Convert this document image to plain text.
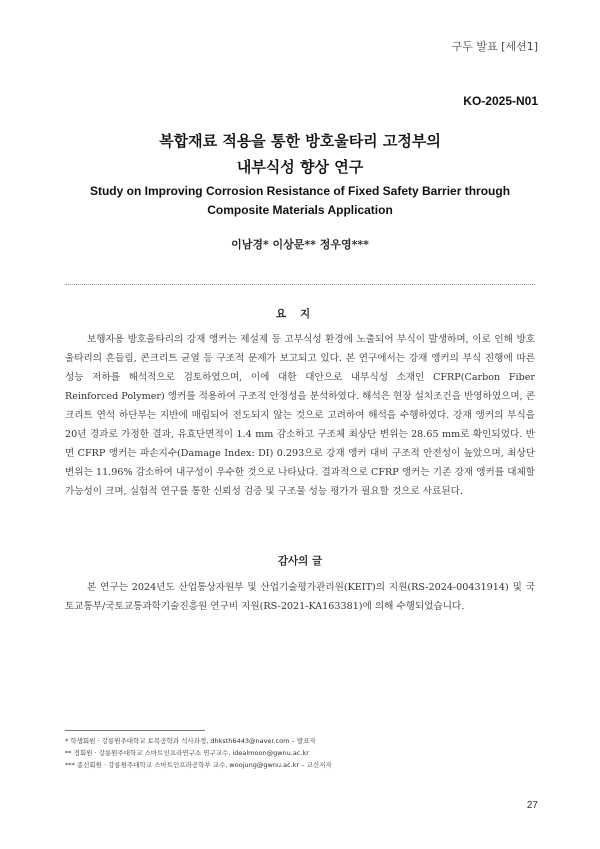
구두 발표 [세션1]
KO-2025-N01
복합재료 적용을 통한 방호울타리 고정부의
내부식성 향상 연구
Study on Improving Corrosion Resistance of Fixed Safety Barrier through
Composite Materials Application
이남경* 이상문** 정우영***
요지

보행자용 방호울타리의 강재 앵커는 제설제 등 고부식성 환경에 노출되어 부식이 발생하며, 이로 인해 방호울타리의 흔들림, 콘크리트 균열 등 구조적 문제가 보고되고 있다. 본 연구에서는 강재 앵커의 부식 진행에 따른 성능 저하를 해석적으로 검토하였으며, 이에 대한 대안으로 내부식성 소재인 CFRP(Carbon Fiber Reinforced Polymer) 앵커를 적용하여 구조적 안정성을 분석하였다. 해석은 현장 설치조건을 반영하였으며, 콘크리트 연석 하단부는 지반에 매립되어 전도되지 않는 것으로 고려하여 해석을 수행하였다. 강재 앵커의 부식을 20년 경과로 가정한 결과, 유효단면적이 1.4 mm 감소하고 구조체 최상단 변위는 28.65 mm로 확인되었다. 반면 CFRP 앵커는 파손지수(Damage Index: DI) 0.293으로 강재 앵커 대비 구조적 안전성이 높았으며, 최상단 변위는 11.96% 감소하여 내구성이 우수한 것으로 나타났다. 결과적으로 CFRP 앵커는 기존 강재 앵커를 대체할 가능성이 크며, 실험적 연구를 통한 신뢰성 검증 및 구조물 성능 평가가 필요할 것으로 사료된다.

감사의 글

본 연구는 2024년도 산업통상자원부 및 산업기술평가관리원(KEIT)의 지원(RS-2024-00431914) 및 국토교통부/국토교통과학기술진흥원 연구비 지원(RS-2021-KA163381)에 의해 수행되었습니다.

* 학생회원 · 강릉원주대학교 토목공학과 석사과정, dhksth6443@naver.com – 발표자
** 정회원 · 강릉원주대학교 스마트인프라연구소 연구교수, idealmoon@gwnu.ac.kr
*** 종신회원 · 강릉원주대학교 스마트인프라공학부 교수, woojung@gwnu.ac.kr – 교신저자
27
